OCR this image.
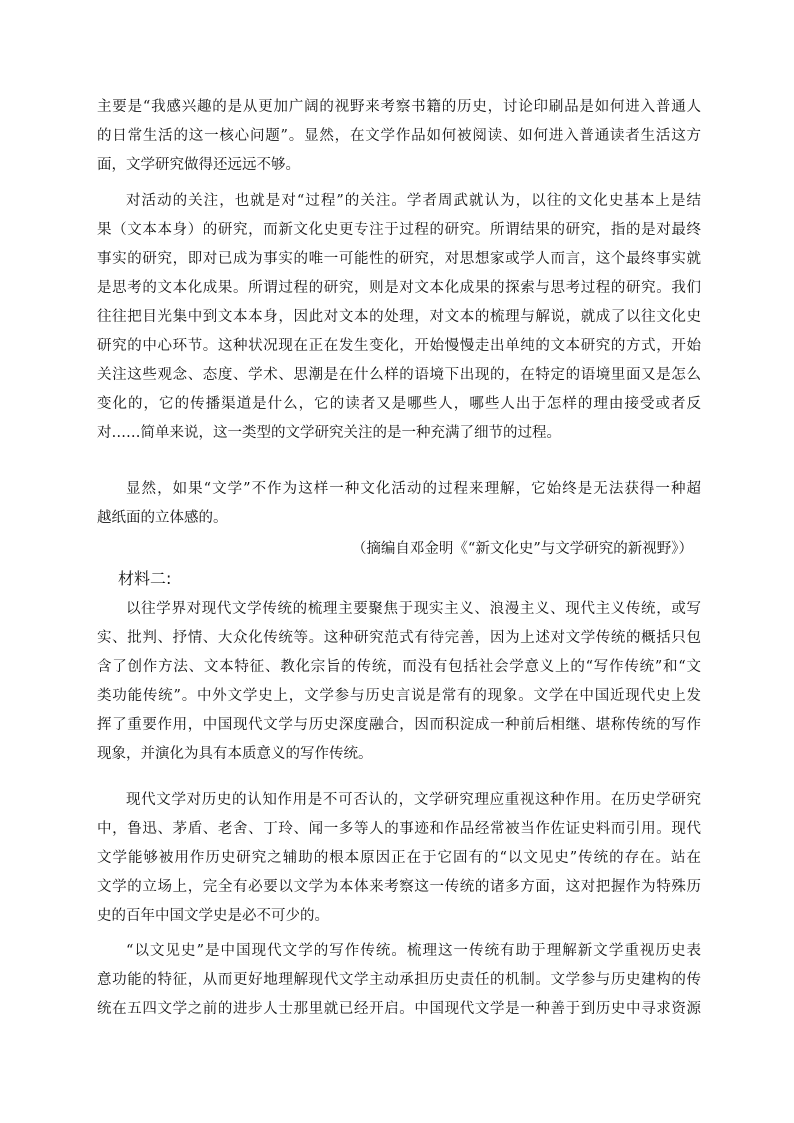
主要是“我感兴趣的是从更加广阔的视野来考察书籍的历史，讨论印刷品是如何进入普通人
的日常生活的这一核心问题”。显然，在文学作品如何被阅读、如何进入普通读者生活这方
面，文学研究做得还远远不够。
对活动的关注，也就是对“过程”的关注。学者周武就认为，以往的文化史基本上是结
果（文本本身）的研究，而新文化史更专注于过程的研究。所谓结果的研究，指的是对最终
事实的研究，即对已成为事实的唯一可能性的研究，对思想家或学人而言，这个最终事实就
是思考的文本化成果。所谓过程的研究，则是对文本化成果的探索与思考过程的研究。我们
往往把目光集中到文本本身，因此对文本的处理，对文本的梳理与解说，就成了以往文化史
研究的中心环节。这种状况现在正在发生变化，开始慢慢走出单纯的文本研究的方式，开始
关注这些观念、态度、学术、思潮是在什么样的语境下出现的，在特定的语境里面又是怎么
变化的，它的传播渠道是什么，它的读者又是哪些人，哪些人出于怎样的理由接受或者反
对……简单来说，这一类型的文学研究关注的是一种充满了细节的过程。
显然，如果“文学”不作为这样一种文化活动的过程来理解，它始终是无法获得一种超
越纸面的立体感的。
（摘编自邓金明《“新文化史”与文学研究的新视野》）
材料二:
以往学界对现代文学传统的梳理主要聚焦于现实主义、浪漫主义、现代主义传统，或写
实、批判、抒情、大众化传统等。这种研究范式有待完善，因为上述对文学传统的概括只包
含了创作方法、文本特征、教化宗旨的传统，而没有包括社会学意义上的“写作传统”和“文
类功能传统”。中外文学史上，文学参与历史言说是常有的现象。文学在中国近现代史上发
挥了重要作用，中国现代文学与历史深度融合，因而积淀成一种前后相继、堪称传统的写作
现象，并演化为具有本质意义的写作传统。
现代文学对历史的认知作用是不可否认的，文学研究理应重视这种作用。在历史学研究
中，鲁迅、茅盾、老舍、丁玲、闻一多等人的事迹和作品经常被当作佐证史料而引用。现代
文学能够被用作历史研究之辅助的根本原因正在于它固有的“以文见史”传统的存在。站在
文学的立场上，完全有必要以文学为本体来考察这一传统的诸多方面，这对把握作为特殊历
史的百年中国文学史是必不可少的。
“以文见史”是中国现代文学的写作传统。梳理这一传统有助于理解新文学重视历史表
意功能的特征，从而更好地理解现代文学主动承担历史责任的机制。文学参与历史建构的传
统在五四文学之前的进步人士那里就已经开启。中国现代文学是一种善于到历史中寻求资源
